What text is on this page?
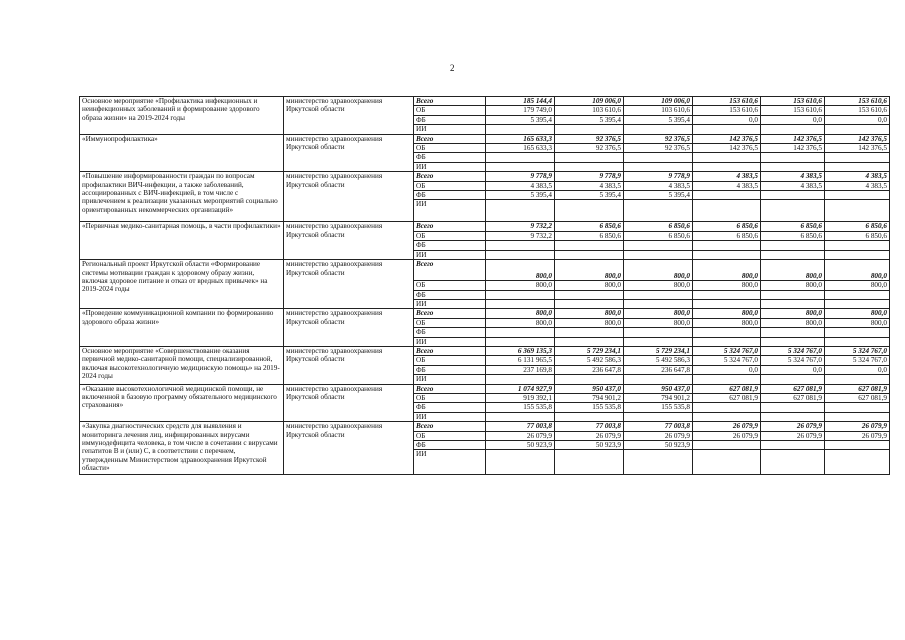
2
Основное мероприятие «Профилактика инфекционных и неинфекционных заболеваний и формирование здорового образа жизни» на 2019-2024 годы	министерство здравоохранения Иркутской области	Всего	185 144,4	109 006,0	109 006,0	153 610,6	153 610,6	153 610,6
		ОБ	179 749,0	103 610,6	103 610,6	153 610,6	153 610,6	153 610,6
		ФБ	5 395,4	5 395,4	5 395,4	0,0	0,0	0,0
		ИИ						
«Иммунопрофилактика»	министерство здравоохранения Иркутской области	Всего	165 633,3	92 376,5	92 376,5	142 376,5	142 376,5	142 376,5
		ОБ	165 633,3	92 376,5	92 376,5	142 376,5	142 376,5	142 376,5
		ФБ						
		ИИ						
«Повышение информированности граждан по вопросам профилактики ВИЧ-инфекции, а также заболеваний, ассоциированных с ВИЧ-инфекцией, в том числе с привлечением к реализации указанных мероприятий социально ориентированных некоммерческих организаций»	министерство здравоохранения Иркутской области	Всего	9 778,9	9 778,9	9 778,9	4 383,5	4 383,5	4 383,5
		ОБ	4 383,5	4 383,5	4 383,5	4 383,5	4 383,5	4 383,5
		ФБ	5 395,4	5 395,4	5 395,4			
		ИИ						
«Первичная медико-санитарная помощь, в части профилактики»	министерство здравоохранения Иркутской области	Всего	9 732,2	6 850,6	6 850,6	6 850,6	6 850,6	6 850,6
		ОБ	9 732,2	6 850,6	6 850,6	6 850,6	6 850,6	6 850,6
		ФБ						
		ИИ						
Региональный проект Иркутской области «Формирование системы мотивации граждан к здоровому образу жизни, включая здоровое питание и отказ от вредных привычек» на 2019-2024 годы	министерство здравоохранения Иркутской области	Всего	800,0	800,0	800,0	800,0	800,0	800,0
		ОБ	800,0	800,0	800,0	800,0	800,0	800,0
		ФБ						
		ИИ						
«Проведение коммуникационной компании по формированию здорового образа жизни»	министерство здравоохранения Иркутской области	Всего	800,0	800,0	800,0	800,0	800,0	800,0
		ОБ	800,0	800,0	800,0	800,0	800,0	800,0
		ФБ						
		ИИ						
Основное мероприятие «Совершенствование оказания первичной медико-санитарной помощи, специализированной, включая высокотехнологичную медицинскую помощь» на 2019-2024 годы	министерство здравоохранения Иркутской области	Всего	6 369 135,3	5 729 234,1	5 729 234,1	5 324 767,0	5 324 767,0	5 324 767,0
		ОБ	6 131 965,5	5 492 586,3	5 492 586,3	5 324 767,0	5 324 767,0	5 324 767,0
		ФБ	237 169,8	236 647,8	236 647,8	0,0	0,0	0,0
		ИИ						
«Оказание высокотехнологичной медицинской помощи, не включенной в базовую программу обязательного медицинского страхования»	министерство здравоохранения Иркутской области	Всего	1 074 927,9	950 437,0	950 437,0	627 081,9	627 081,9	627 081,9
		ОБ	919 392,1	794 901,2	794 901,2	627 081,9	627 081,9	627 081,9
		ФБ	155 535,8	155 535,8	155 535,8			
		ИИ						
«Закупка диагностических средств для выявления и мониторинга лечения лиц, инфицированных вирусами иммунодефицита человека, в том числе в сочетании с вирусами гепатитов В и (или) С, в соответствии с перечнем, утвержденным Министерством здравоохранения Иркутской области»	министерство здравоохранения Иркутской области	Всего	77 003,8	77 003,8	77 003,8	26 079,9	26 079,9	26 079,9
		ОБ	26 079,9	26 079,9	26 079,9	26 079,9	26 079,9	26 079,9
		ФБ	50 923,9	50 923,9	50 923,9			
		ИИ						
